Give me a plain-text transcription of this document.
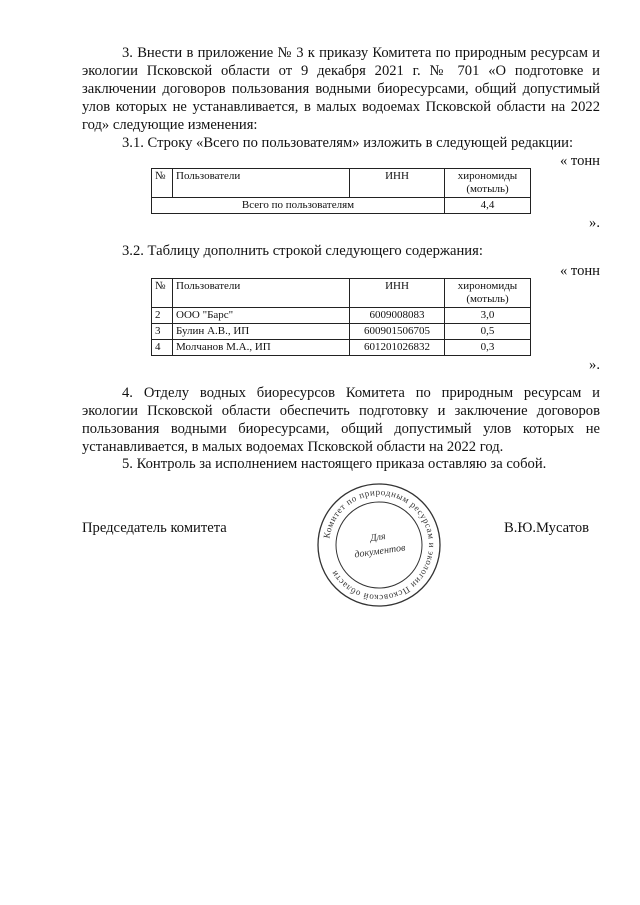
3. Внести в приложение № 3 к приказу Комитета по природным ресурсам и экологии Псковской области от 9 декабря 2021 г. № 701 «О подготовке и заключении договоров пользования водными биоресурсами, общий допустимый улов которых не устанавливается, в малых водоемах Псковской области на 2022 год» следующие изменения:

3.1. Строку «Всего по пользователям» изложить в следующей редакции:

« тонн
№	Пользователи	ИНН	хирономиды
(мотыль)
Всего по пользователям			4,4
».

3.2. Таблицу дополнить строкой следующего содержания:

« тонн
№	Пользователи	ИНН	хирономиды
(мотыль)
2	ООО "Барс"	6009008083	3,0
3	Булин А.В., ИП	600901506705	0,5
4	Молчанов М.А., ИП	601201026832	0,3
».

4. Отделу водных биоресурсов Комитета по природным ресурсам и экологии Псковской области обеспечить подготовку и заключение договоров пользования водными биоресурсами, общий допустимый улов которых не устанавливается, в малых водоемах Псковской области на 2022 год.

5. Контроль за исполнением настоящего приказа оставляю за собой.

Председатель комитета	В.Ю.Мусатов
Комитет по природным ресурсам и экологии Псковской области
Для
документов
